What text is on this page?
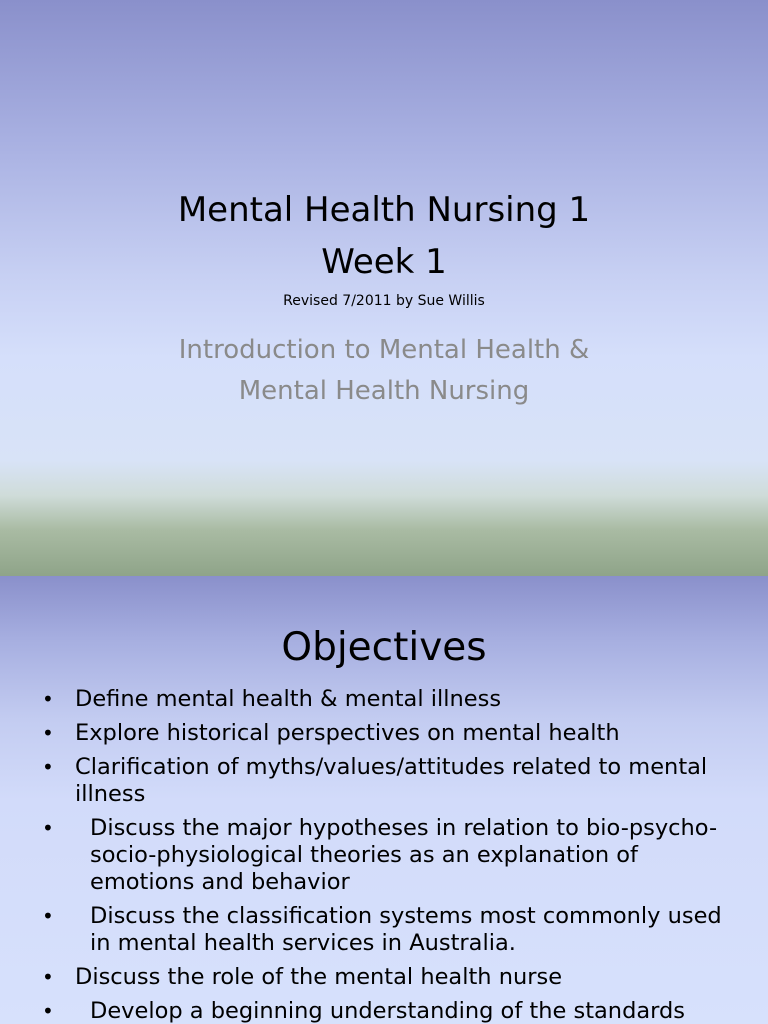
Mental Health Nursing 1
Week 1
Revised 7/2011 by Sue Willis
Introduction to Mental Health &
Mental Health Nursing
Objectives
• Define mental health & mental illness
• Explore historical perspectives on mental health
• Clarification of myths/values/attitudes related to mental illness
• Discuss the major hypotheses in relation to bio-psycho-socio-physiological theories as an explanation of emotions and behavior
• Discuss the classification systems most commonly used in mental health services in Australia.
• Discuss the role of the mental health nurse
• Develop a beginning understanding of the standards
